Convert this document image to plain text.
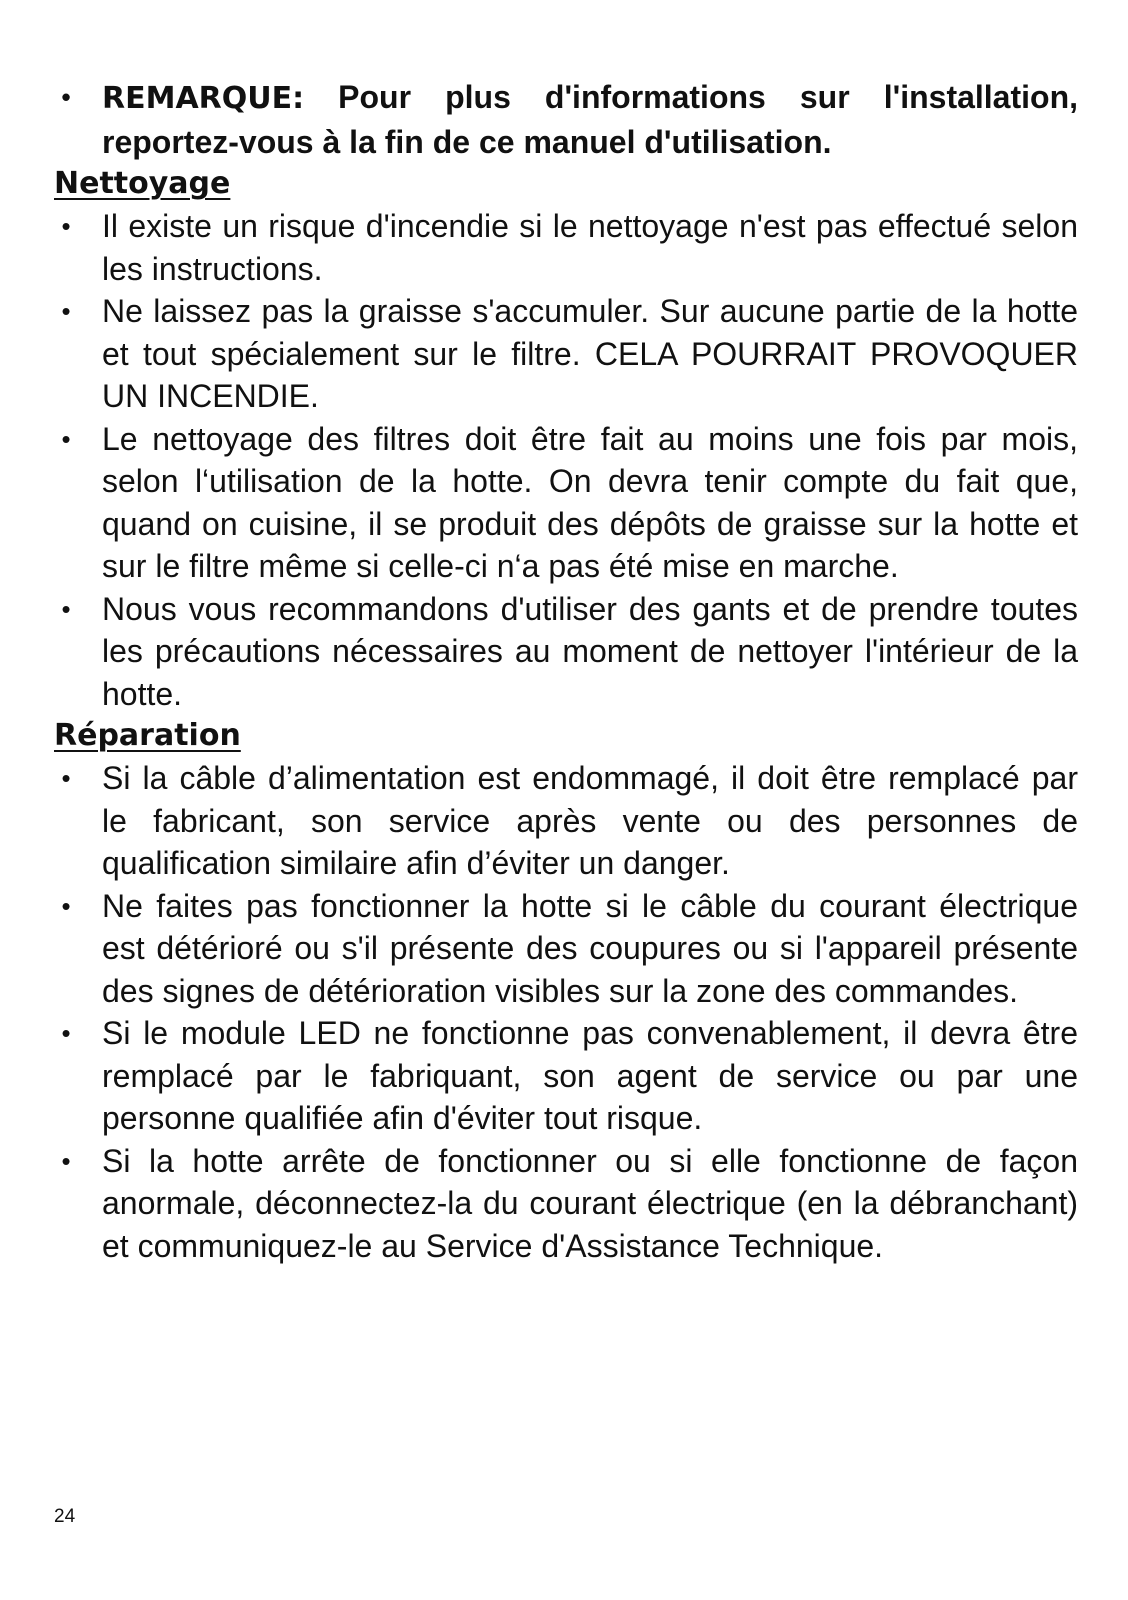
• REMARQUE: Pour plus d'informations sur l'installation, reportez-vous à la fin de ce manuel d'utilisation.
Nettoyage
• Il existe un risque d'incendie si le nettoyage n'est pas effectué selon les instructions.
• Ne laissez pas la graisse s'accumuler. Sur aucune partie de la hotte et tout spécialement sur le filtre. CELA POURRAIT PROVOQUER UN INCENDIE.
• Le nettoyage des filtres doit être fait au moins une fois par mois, selon l‘utilisation de la hotte. On devra tenir compte du fait que, quand on cuisine, il se produit des dépôts de graisse sur la hotte et sur le filtre même si celle-ci n‘a pas été mise en marche.
• Nous vous recommandons d'utiliser des gants et de prendre toutes les précautions nécessaires au moment de nettoyer l'intérieur de la hotte.
Réparation
• Si la câble d’alimentation est endommagé, il doit être remplacé par le fabricant, son service après vente ou des personnes de qualification similaire afin d’éviter un danger.
• Ne faites pas fonctionner la hotte si le câble du courant électrique est détérioré ou s'il présente des coupures ou si l'appareil présente des signes de détérioration visibles sur la zone des commandes.
• Si le module LED ne fonctionne pas convenablement, il devra être remplacé par le fabriquant, son agent de service ou par une personne qualifiée afin d'éviter tout risque.
• Si la hotte arrête de fonctionner ou si elle fonctionne de façon anormale, déconnectez-la du courant électrique (en la débranchant) et communiquez-le au Service d'Assistance Technique.
24
